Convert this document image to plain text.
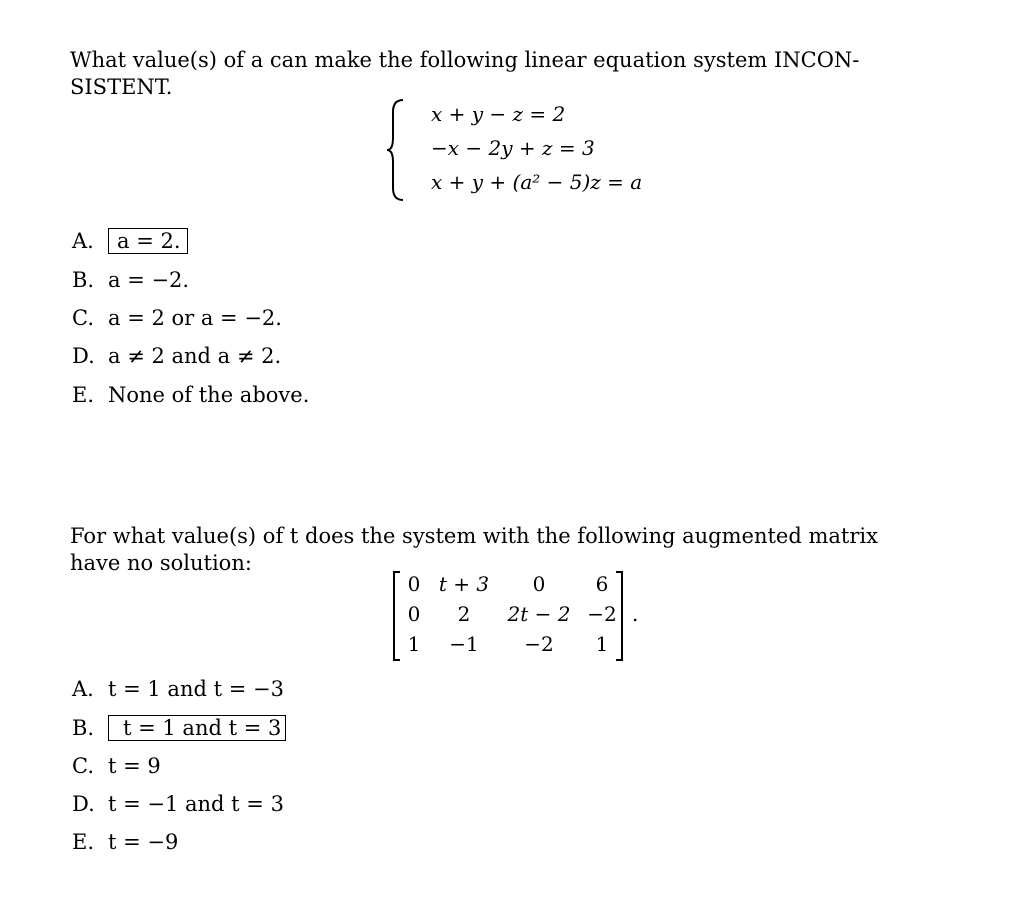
What value(s) of a can make the following linear equation system INCON-
SISTENT.
x + y − z = 2
−x − 2y + z = 3
x + y + (a² − 5)z = a
A. a = 2.
B. a = −2.
C. a = 2 or a = −2.
D. a ≠ 2 and a ≠ 2.
E. None of the above.
For what value(s) of t does the system with the following augmented matrix
have no solution:
0 t + 3 0	6
0 2 2t − 2 −2
1 −1 −2 1
.
A. t = 1 and t = −3
B. t = 1 and t = 3
C. t = 9
D. t = −1 and t = 3
E. t = −9
